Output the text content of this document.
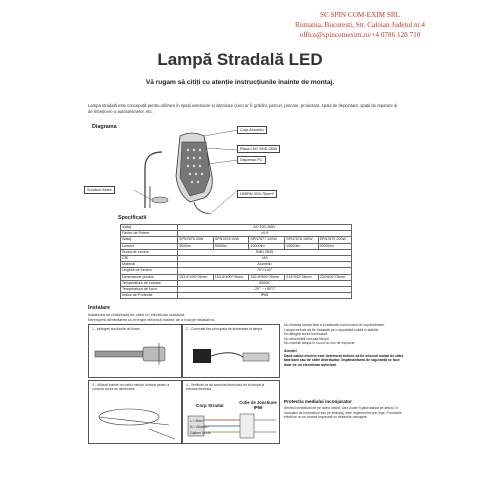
SC SPIN COM-EXIM SRL
Romania, Bucuresti, Str. Caloian Judetul nr.4
office@spincomexim.ro/+4 0786 128 710
Lampă Stradală LED
Vă rugam să citiți cu atenție instrucțiunile înainte de montaj.
Lampa stradală este concepută pentru utilizare în spații exterioare și interioare (cum ar fi: grădini, parcuri, parcare, proiectare, spații de depozitare, spații de reparare și de întreținere a autoturismelor, etc.
Diagrama	Corp Aluminiu
Placa LED SMD 2835
Dispersor PC
Suruburi fixare
H05RN-3G0.75mm²
Specificatii
Voltaj	AC 100-265V				
Factor de Putere	>0.9				
Wataj	SPN7875 30W	SPN7876 50W	SPN7877 100W	SPN7878 150W	SPN7879 200W
Lumeni	3000lm	5000lm	10000lm	15000lm	20000lm
Sursa de lumina	SMD 2835				
CRI	>80				
Material	Aluminiu				
Unghiul de lumina	70°×140°				
Dimensiune produs	153.8*400*76mm	153.8*400*76mm	153.8*500*76mm	214*542*78mm	234*600*78mm
Temperatura de culoare	6500K				
Temperatura de lucru	-20° ~ +50°C				
Indice de Protectie	IP66				
Instalare
Instalarea se realizează de către un electrician autorizat.
Întrerupeți alimentarea cu energie electrică înainte de a începe instalarea.
1 - strângeți suruburile de fixare	2 - Conectati fisa principala de alimentare la lampa
3 - Utilizati inainte un cablu natural furnizat pentru a conecta sursa de alimentare
4 - Verificati ca ati conectat terminalul de la lampa la reteaua electrica
Corp Stradal
Cutie de Jonctiune IP66
L = Maro
N = Albastru
Galben Verde
Nu instalați lampa fără a fi realizată conexiunea de împământare.
Lampa trebuie să fie instalată pe o suprafață solidă și stabilă.
Nu atingeți sursa luminoasă.
Nu deschideți carcasa lămpii.
Nu montați lampa în locuri cu risc de explozie.
Atenție!
Dacă cablul electric este deteriorat trebuie să fie înlocuit numai de către fabricant sau de către distribuitor. Împământarea de siguranță se face doar de un electrician autorizat.
Protectia mediului inconjurator
Semnul simbolizat de pe acest articol, care poate fi găsit atașat pe articol, în manualul de instrucțiuni sau pe ambalaj, este reglementat prin lege. Produsele electrice nu se aruncă împreună cu deșeurile menajere.
